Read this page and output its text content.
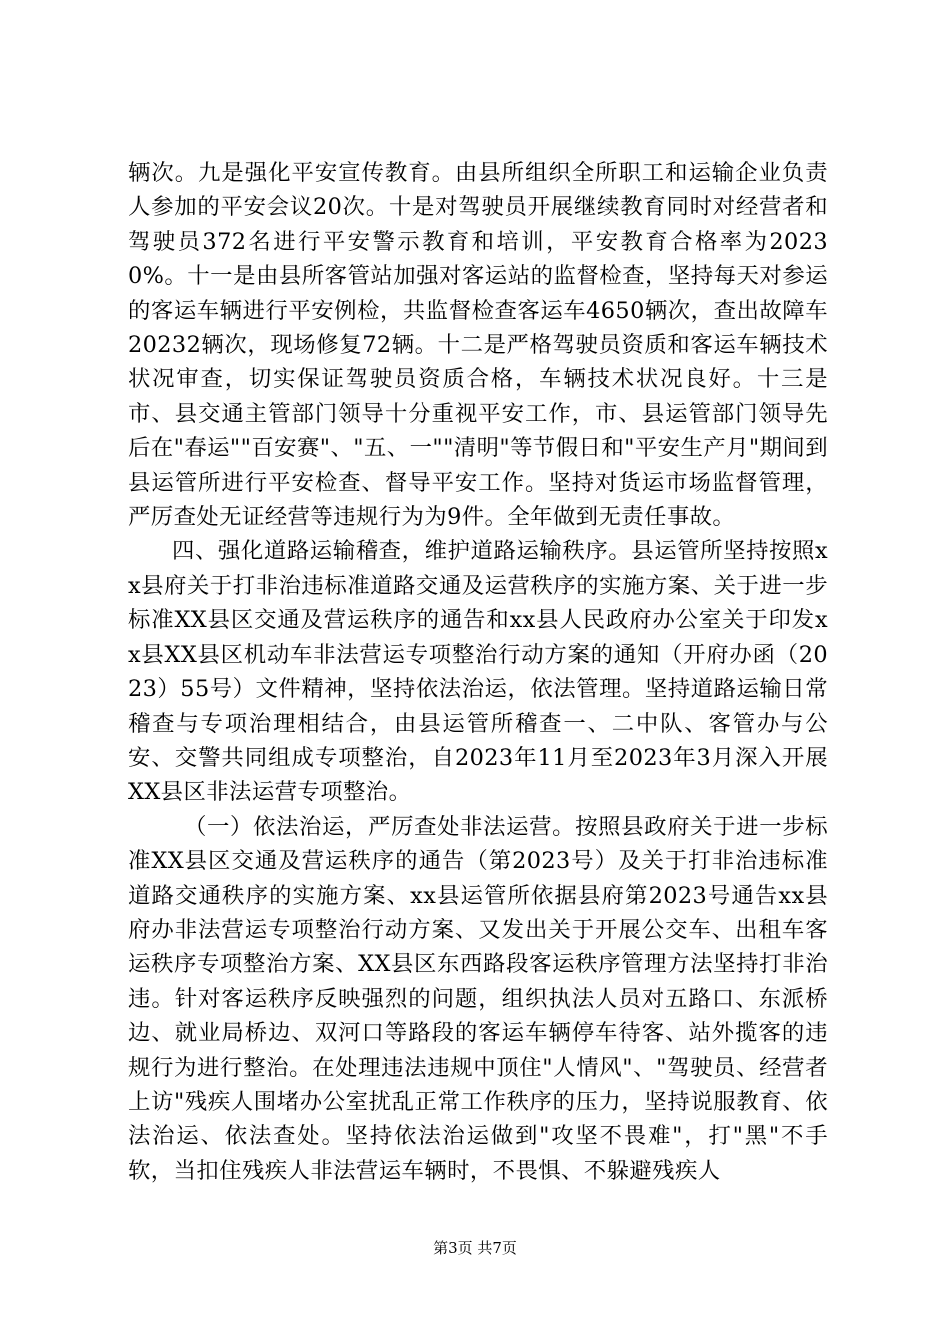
辆次。九是强化平安宣传教育。由县所组织全所职工和运输企业负责人参加的平安会议20次。十是对驾驶员开展继续教育同时对经营者和驾驶员372名进行平安警示教育和培训，平安教育合格率为20230%。十一是由县所客管站加强对客运站的监督检查，坚持每天对参运的客运车辆进行平安例检，共监督检查客运车4650辆次，查出故障车20232辆次，现场修复72辆。十二是严格驾驶员资质和客运车辆技术状况审查，切实保证驾驶员资质合格，车辆技术状况良好。十三是市、县交通主管部门领导十分重视平安工作，市、县运管部门领导先后在"春运""百安赛"、"五、一""清明"等节假日和"平安生产月"期间到县运管所进行平安检查、督导平安工作。坚持对货运市场监督管理，严厉查处无证经营等违规行为为9件。全年做到无责任事故。

四、强化道路运输稽查，维护道路运输秩序。县运管所坚持按照xx县府关于打非治违标准道路交通及运营秩序的实施方案、关于进一步标准XX县区交通及营运秩序的通告和xx县人民政府办公室关于印发xx县XX县区机动车非法营运专项整治行动方案的通知（开府办函（2023）55号）文件精神，坚持依法治运，依法管理。坚持道路运输日常稽查与专项治理相结合，由县运管所稽查一、二中队、客管办与公安、交警共同组成专项整治，自2023年11月至2023年3月深入开展XX县区非法运营专项整治。

（一）依法治运，严厉查处非法运营。按照县政府关于进一步标准XX县区交通及营运秩序的通告（第2023号）及关于打非治违标准道路交通秩序的实施方案、xx县运管所依据县府第2023号通告xx县府办非法营运专项整治行动方案、又发出关于开展公交车、出租车客运秩序专项整治方案、XX县区东西路段客运秩序管理方法坚持打非治违。针对客运秩序反映强烈的问题，组织执法人员对五路口、东派桥边、就业局桥边、双河口等路段的客运车辆停车待客、站外揽客的违规行为进行整治。在处理违法违规中顶住"人情风"、"驾驶员、经营者上访"残疾人围堵办公室扰乱正常工作秩序的压力，坚持说服教育、依法治运、依法查处。坚持依法治运做到"攻坚不畏难"，打"黑"不手软，当扣住残疾人非法营运车辆时，不畏惧、不躲避残疾人

第3页 共7页
